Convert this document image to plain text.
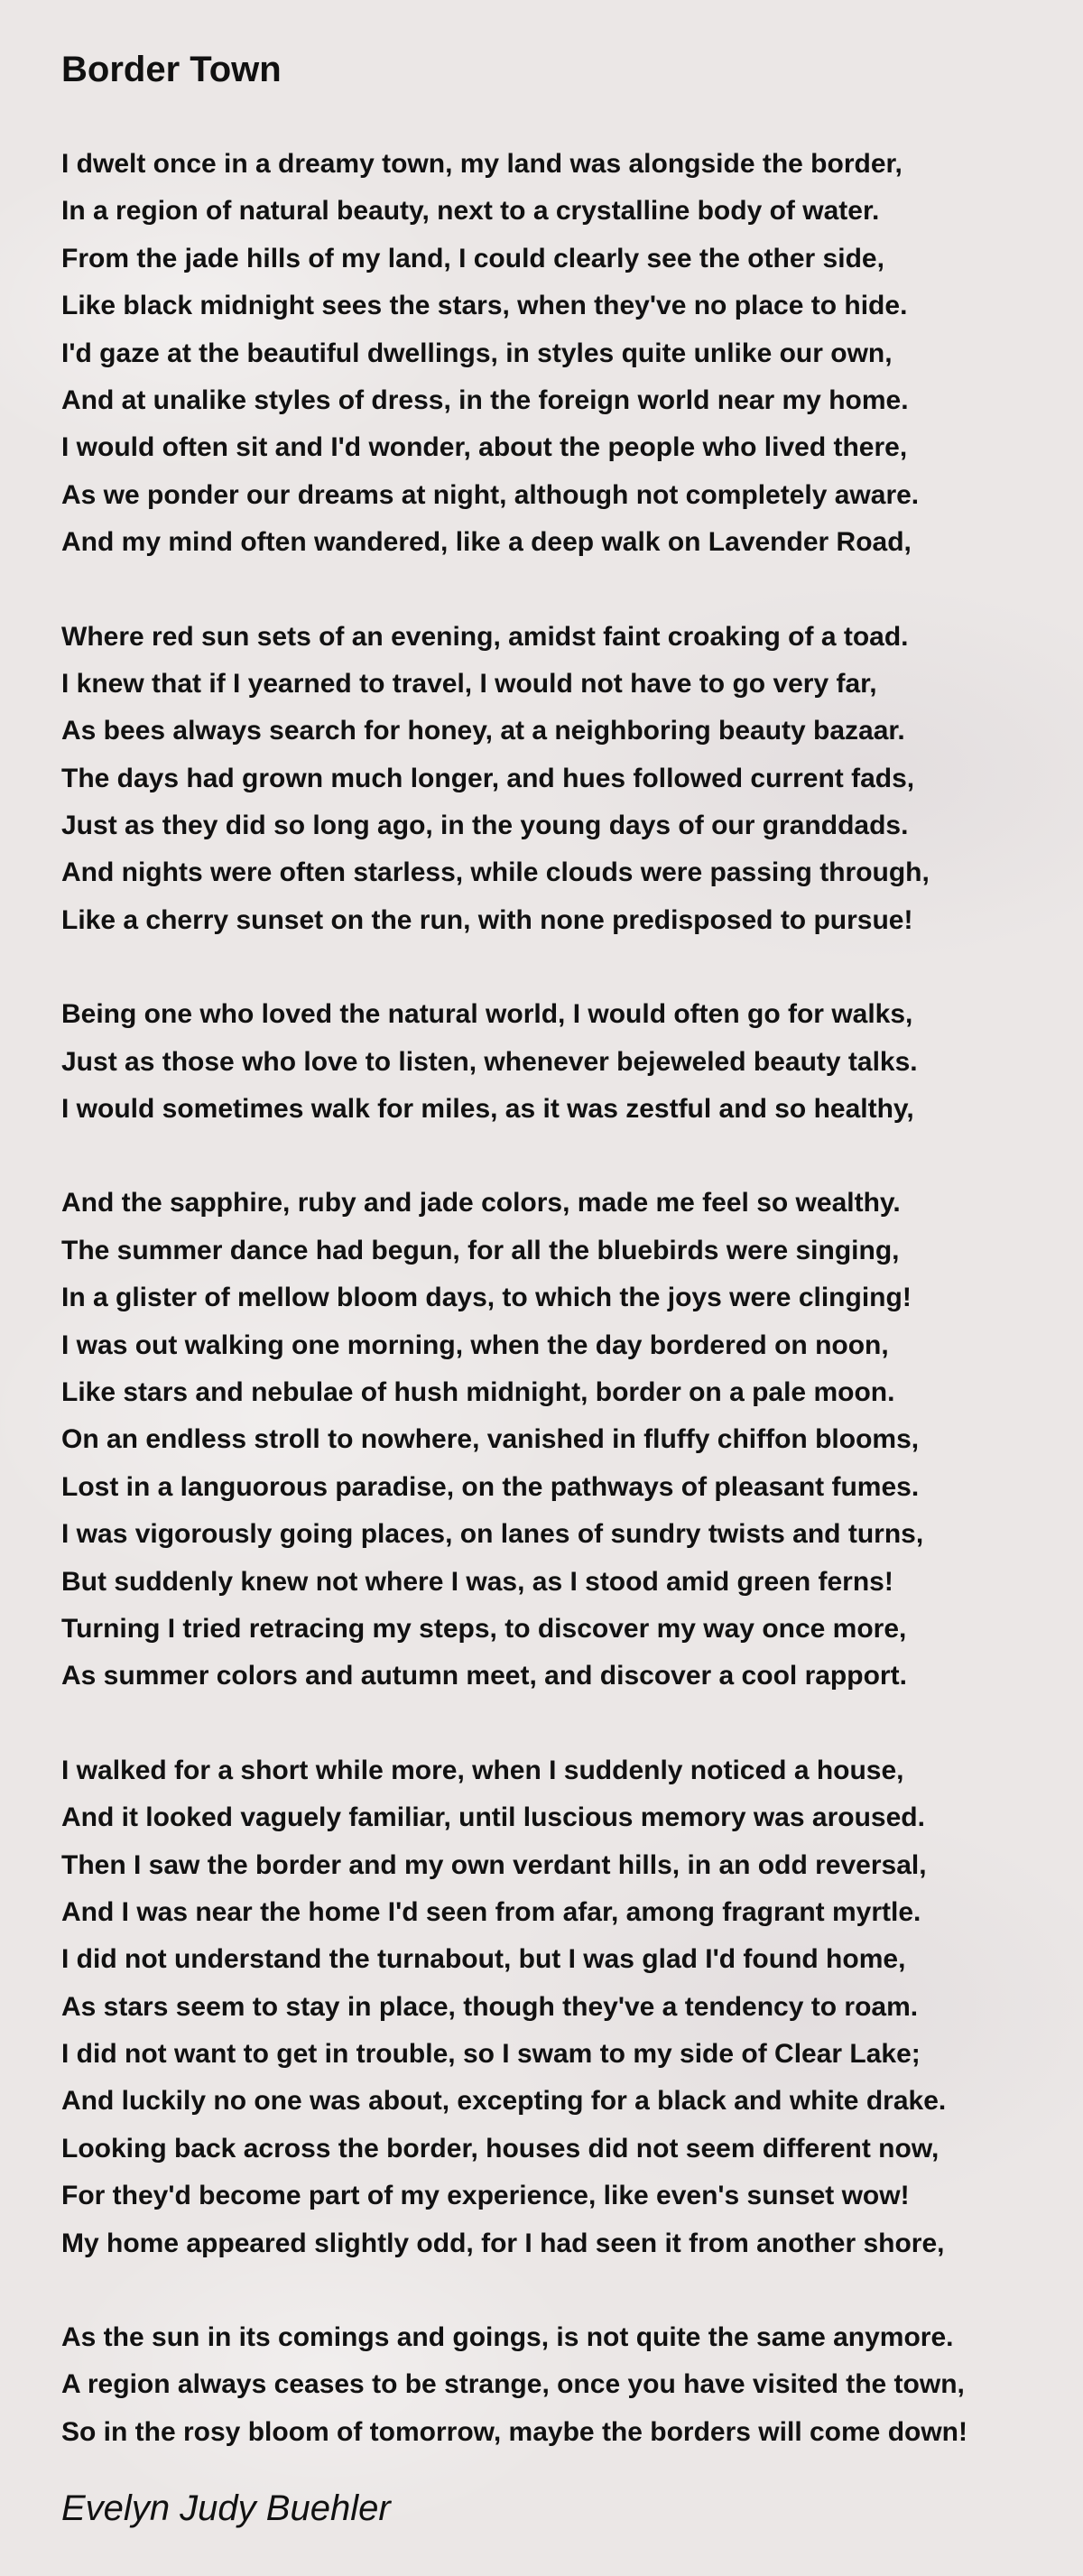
Border Town
I dwelt once in a dreamy town, my land was alongside the border,
In a region of natural beauty, next to a crystalline body of water.
From the jade hills of my land, I could clearly see the other side,
Like black midnight sees the stars, when they've no place to hide.
I'd gaze at the beautiful dwellings, in styles quite unlike our own,
And at unalike styles of dress, in the foreign world near my home.
I would often sit and I'd wonder, about the people who lived there,
As we ponder our dreams at night, although not completely aware.
And my mind often wandered, like a deep walk on Lavender Road,
Where red sun sets of an evening, amidst faint croaking of a toad.
I knew that if I yearned to travel, I would not have to go very far,
As bees always search for honey, at a neighboring beauty bazaar.
The days had grown much longer, and hues followed current fads,
Just as they did so long ago, in the young days of our granddads.
And nights were often starless, while clouds were passing through,
Like a cherry sunset on the run, with none predisposed to pursue!
Being one who loved the natural world, I would often go for walks,
Just as those who love to listen, whenever bejeweled beauty talks.
I would sometimes walk for miles, as it was zestful and so healthy,
And the sapphire, ruby and jade colors, made me feel so wealthy.
The summer dance had begun, for all the bluebirds were singing,
In a glister of mellow bloom days, to which the joys were clinging!
I was out walking one morning, when the day bordered on noon,
Like stars and nebulae of hush midnight, border on a pale moon.
On an endless stroll to nowhere, vanished in fluffy chiffon blooms,
Lost in a languorous paradise, on the pathways of pleasant fumes.
I was vigorously going places, on lanes of sundry twists and turns,
But suddenly knew not where I was, as I stood amid green ferns!
Turning I tried retracing my steps, to discover my way once more,
As summer colors and autumn meet, and discover a cool rapport.
I walked for a short while more, when I suddenly noticed a house,
And it looked vaguely familiar, until luscious memory was aroused.
Then I saw the border and my own verdant hills, in an odd reversal,
And I was near the home I'd seen from afar, among fragrant myrtle.
I did not understand the turnabout, but I was glad I'd found home,
As stars seem to stay in place, though they've a tendency to roam.
I did not want to get in trouble, so I swam to my side of Clear Lake;
And luckily no one was about, excepting for a black and white drake.
Looking back across the border, houses did not seem different now,
For they'd become part of my experience, like even's sunset wow!
My home appeared slightly odd, for I had seen it from another shore,
As the sun in its comings and goings, is not quite the same anymore.
A region always ceases to be strange, once you have visited the town,
So in the rosy bloom of tomorrow, maybe the borders will come down!

Evelyn Judy Buehler
